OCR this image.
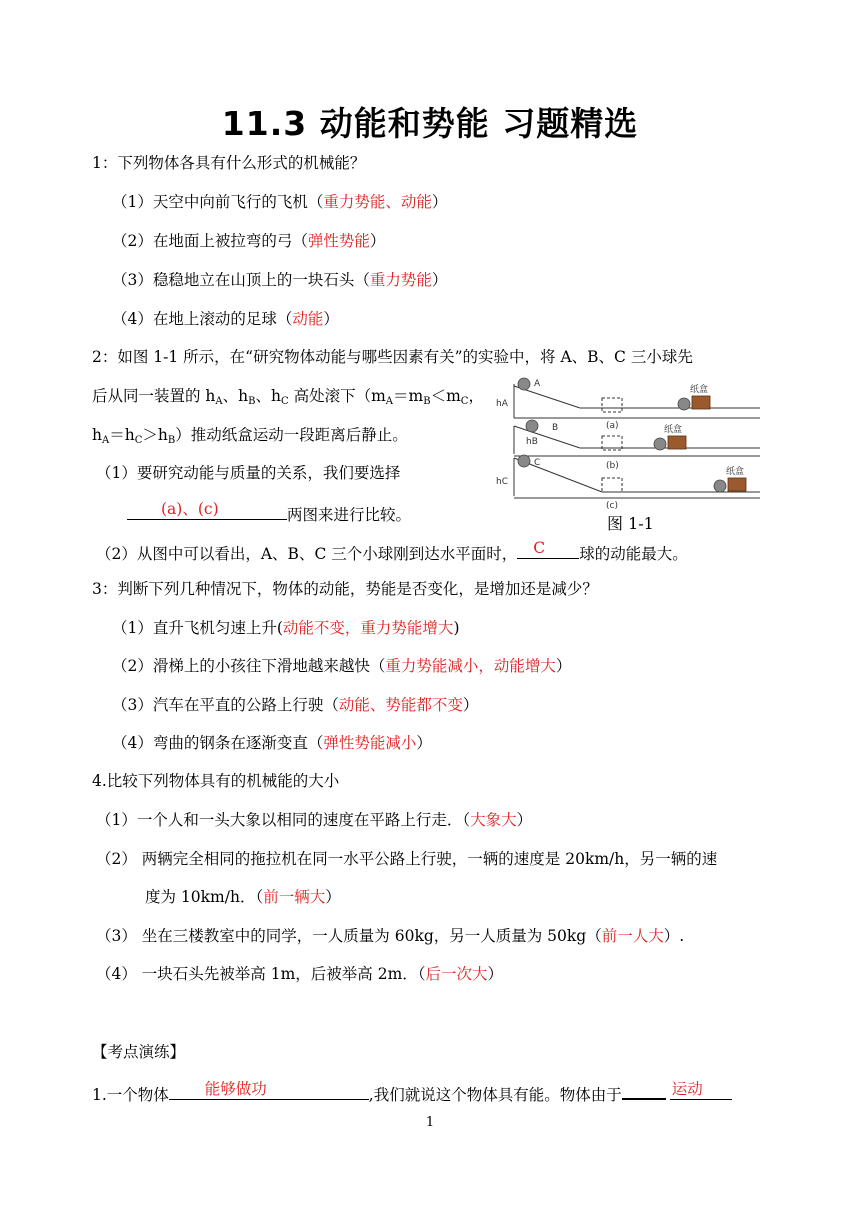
11.3 动能和势能 习题精选
1：下列物体各具有什么形式的机械能？
（1）天空中向前飞行的飞机（重力势能、动能）
（2）在地面上被拉弯的弓（弹性势能）
（3）稳稳地立在山顶上的一块石头（重力势能）
（4）在地上滚动的足球（动能）
2：如图 1-1 所示，在“研究物体动能与哪些因素有关”的实验中，将 A、B、C 三小球先
后从同一装置的 $h_A$、$h_B$、$h_C$ 高处滚下（$m_A=m_B<m_C$，
$h_A=h_C>h_B$）推动纸盒运动一段距离后静止。
（1）要研究动能与质量的关系，我们要选择
(a)、(c)	两图来进行比较。
A
B
C
hA
hB
hC
纸盒
纸盒
纸盒
(a)
(b)
(c)
图 1-1
（2）从图中可以看出，A、B、C 三个小球刚到达水平面时， C 球的动能最大。
3：判断下列几种情况下，物体的动能，势能是否变化，是增加还是减少？
（1）直升飞机匀速上升(动能不变，重力势能增大)
（2）滑梯上的小孩往下滑地越来越快（重力势能减小，动能增大）
（3）汽车在平直的公路上行驶（动能、势能都不变）
（4）弯曲的钢条在逐渐变直（弹性势能减小）
4.比较下列物体具有的机械能的大小
（1）一个人和一头大象以相同的速度在平路上行走．（大象大）
（2） 两辆完全相同的拖拉机在同一水平公路上行驶，一辆的速度是 20km/h，另一辆的速
度为 10km/h．（前一辆大）
（3） 坐在三楼教室中的同学，一人质量为 60kg，另一人质量为 50kg（前一人大）.
（4） 一块石头先被举高 1m，后被举高 2m．（后一次大）
【考点演练】
1.一个物体 能够做功	,我们就说这个物体具有能。物体由于	运动
1
